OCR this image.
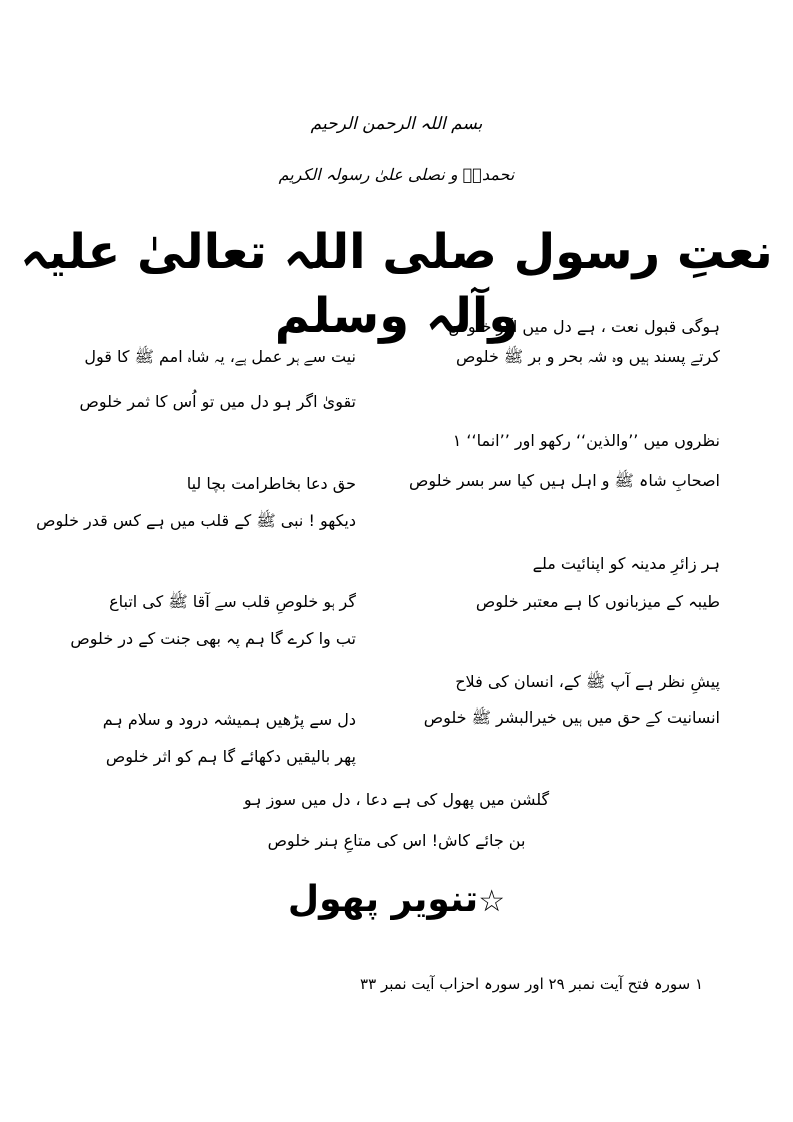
بسم اللہ الرحمن الرحیم
نحمدہٗ و نصلی علیٰ رسولہ الکریم
نعتِ رسول صلی اللہ تعالیٰ علیہ وآلہ وسلم
ہوگی قبول نعت ، ہے دل میں اگر خلوص
کرتے پسند ہیں وہ شہ بحر و بر ﷺ خلوص
نیت سے ہر عمل ہے، یہ شاہ امم ﷺ کا قول
تقویٰ اگر ہو دل میں تو اُس کا ثمر خلوص
نظروں میں ’’والذین‘‘ رکھو اور ’’انما‘‘ ۱
اصحابِ شاہ ﷺ و اہل ہیں کیا سر بسر خلوص
حق دعا بخاطرامت بچا لیا
دیکھو ! نبی ﷺ کے قلب میں ہے کس قدر خلوص
ہر زائرِ مدینہ کو اپنائیت ملے
طیبہ کے میزبانوں کا ہے معتبر خلوص
گر ہو خلوصِ قلب سے آقا ﷺ کی اتباع
تب وا کرے گا ہم پہ بھی جنت کے در خلوص
پیشِ نظر ہے آپ ﷺ کے، انسان کی فلاح
انسانیت کے حق میں ہیں خیرالبشر ﷺ خلوص
دل سے پڑھیں ہمیشہ درود و سلام ہم
پھر بالیقیں دکھائے گا ہم کو اثر خلوص
گلشن میں پھول کی ہے دعا ، دل میں سوز ہو
بن جائے کاش! اس کی متاعِ ہنر خلوص
☆تنویر پھول
۱ سورہ فتح آیت نمبر ۲۹ اور سورہ احزاب آیت نمبر ۳۳
